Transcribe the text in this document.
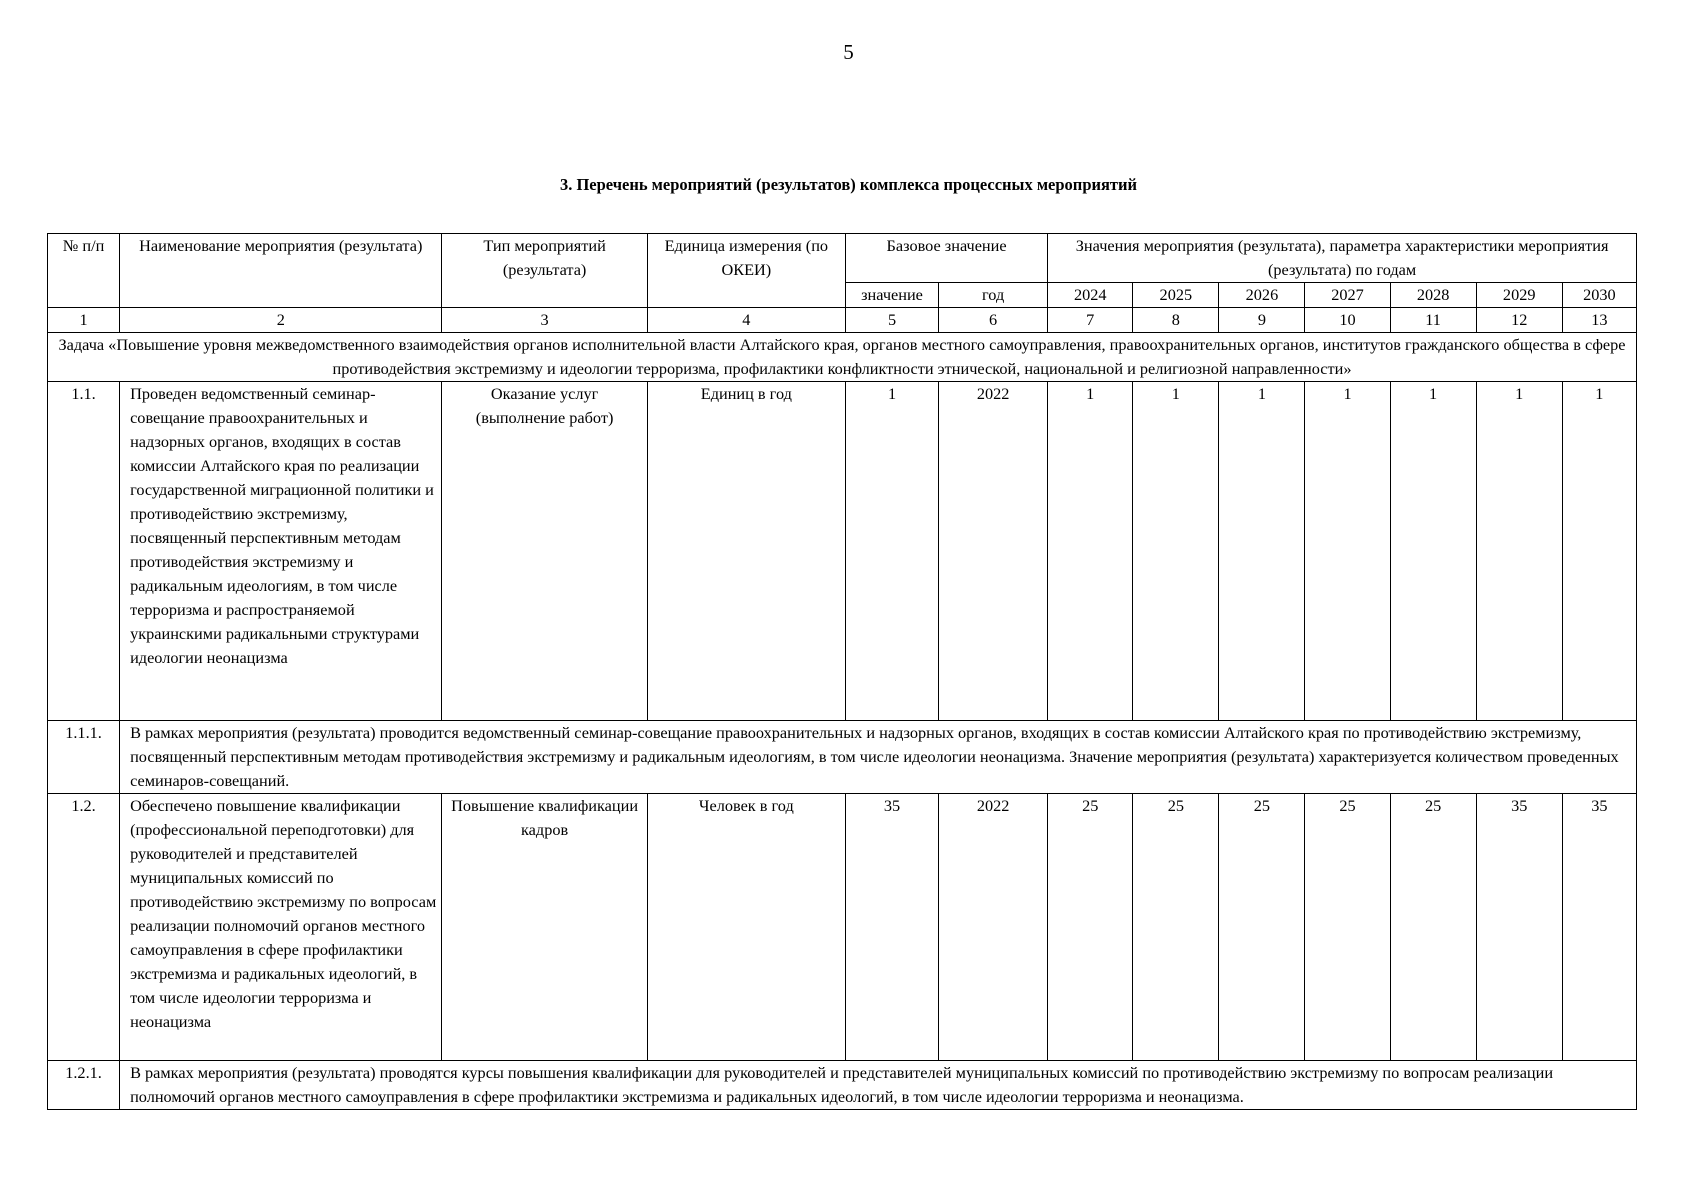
5
3. Перечень мероприятий (результатов) комплекса процессных мероприятий
№ п/п	Наименование мероприятия (результата)	Тип мероприятий (результата)	Единица измерения (по ОКЕИ)	Базовое значение		Значения мероприятия (результата), параметра характеристики мероприятия (результата) по годам						
				значение	год	2024	2025	2026	2027	2028	2029	2030
1	2	3	4	5	6	7	8	9	10	11	12	13
Задача «Повышение уровня межведомственного взаимодействия органов исполнительной власти Алтайского края, органов местного самоуправления, правоохранительных органов, институтов гражданского общества в сфере противодействия экстремизму и идеологии терроризма, профилактики конфликтности этнической, национальной и религиозной направленности»												
1.1.	Проведен ведомственный семинар-совещание правоохранительных и надзорных органов, входящих в состав комиссии Алтайского края по реализации государственной миграционной политики и противодействию экстремизму, посвященный перспективным методам противодействия экстремизму и радикальным идеологиям, в том числе терроризма и распространяемой украинскими радикальными структурами идеологии неонацизма	Оказание услуг (выполнение работ)	Единиц в год	1	2022	1	1	1	1	1	1	1
1.1.1.	В рамках мероприятия (результата) проводится ведомственный семинар-совещание правоохранительных и надзорных органов, входящих в состав комиссии Алтайского края по противодействию экстремизму, посвященный перспективным методам противодействия экстремизму и радикальным идеологиям, в том числе идеологии неонацизма. Значение мероприятия (результата) характеризуется количеством проведенных семинаров-совещаний.											
1.2.	Обеспечено повышение квалификации (профессиональной переподготовки) для руководителей и представителей муниципальных комиссий по противодействию экстремизму по вопросам реализации полномочий органов местного самоуправления в сфере профилактики экстремизма и радикальных идеологий, в том числе идеологии терроризма и неонацизма	Повышение квалификации кадров	Человек в год	35	2022	25	25	25	25	25	35	35
1.2.1.	В рамках мероприятия (результата) проводятся курсы повышения квалификации для руководителей и представителей муниципальных комиссий по противодействию экстремизму по вопросам реализации полномочий органов местного самоуправления в сфере профилактики экстремизма и радикальных идеологий, в том числе идеологии терроризма и неонацизма.											
